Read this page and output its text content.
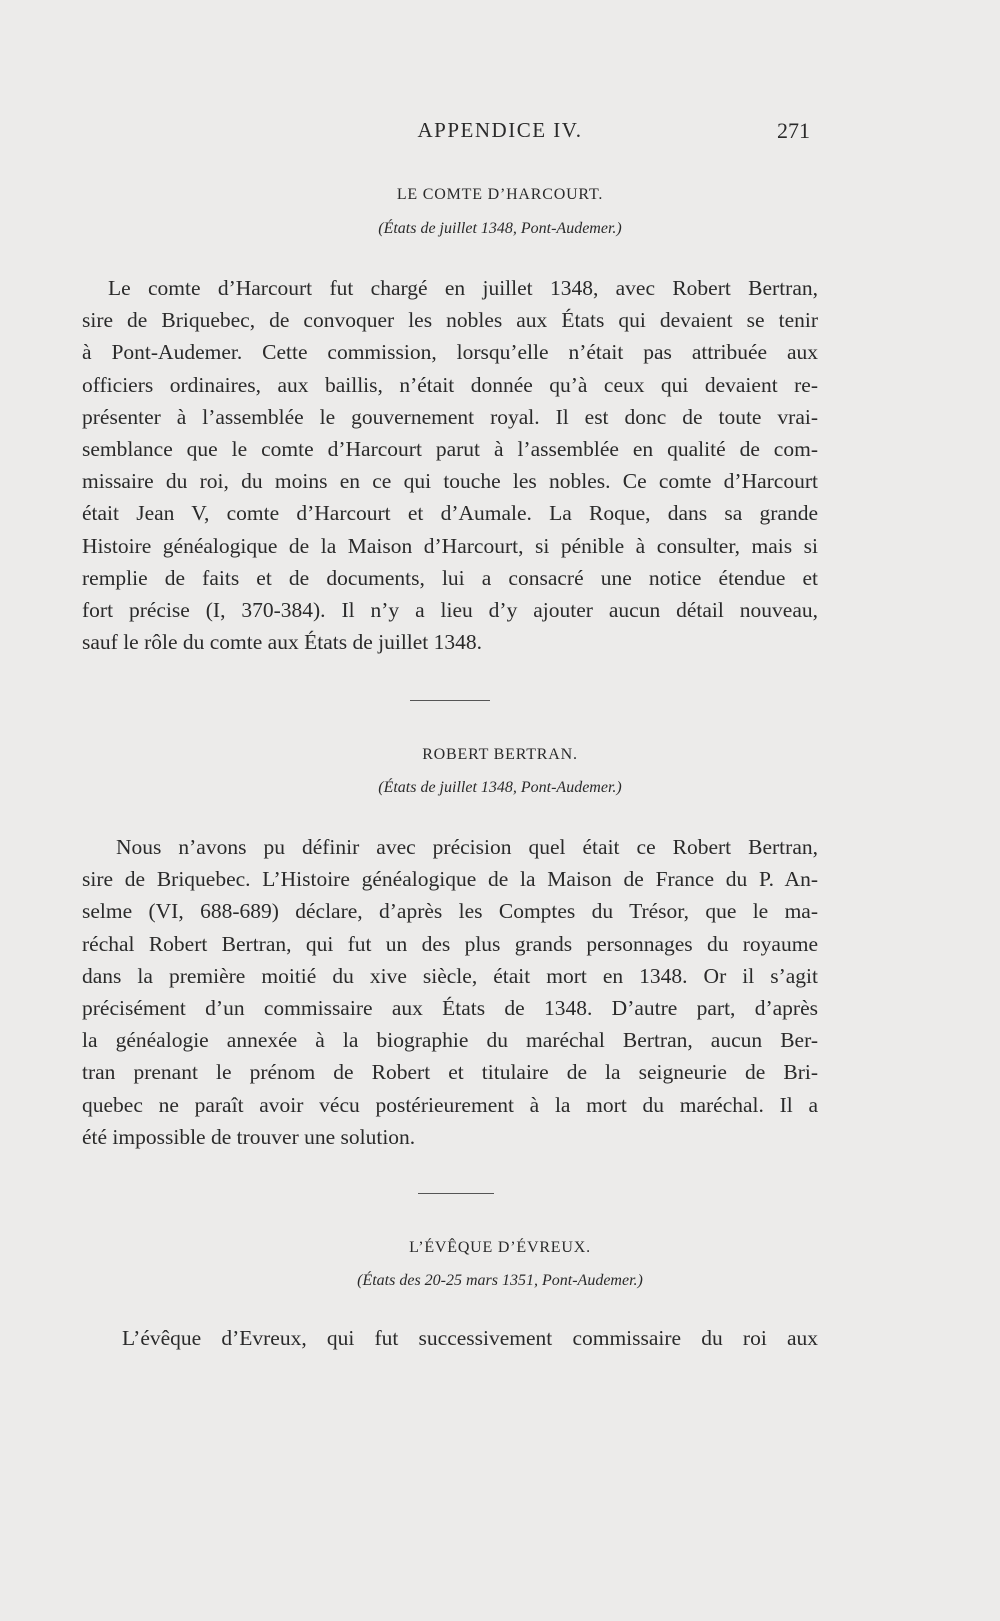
APPENDICE IV.	271
LE COMTE D’HARCOURT.
(États de juillet 1348, Pont-Audemer.)
Le comte d’Harcourt fut chargé en juillet 1348, avec Robert Bertran,
sire de Briquebec, de convoquer les nobles aux États qui devaient se tenir
à Pont-Audemer. Cette commission, lorsqu’elle n’était pas attribuée aux
officiers ordinaires, aux baillis, n’était donnée qu’à ceux qui devaient re-
présenter à l’assemblée le gouvernement royal. Il est donc de toute vrai-
semblance que le comte d’Harcourt parut à l’assemblée en qualité de com-
missaire du roi, du moins en ce qui touche les nobles. Ce comte d’Harcourt
était Jean V, comte d’Harcourt et d’Aumale. La Roque, dans sa grande
Histoire généalogique de la Maison d’Harcourt, si pénible à consulter, mais si
remplie de faits et de documents, lui a consacré une notice étendue et
fort précise (I, 370-384). Il n’y a lieu d’y ajouter aucun détail nouveau,
sauf le rôle du comte aux États de juillet 1348.
ROBERT BERTRAN.
(États de juillet 1348, Pont-Audemer.)
Nous n’avons pu définir avec précision quel était ce Robert Bertran,
sire de Briquebec. L’Histoire généalogique de la Maison de France du P. An-
selme (VI, 688-689) déclare, d’après les Comptes du Trésor, que le ma-
réchal Robert Bertran, qui fut un des plus grands personnages du royaume
dans la première moitié du xive siècle, était mort en 1348. Or il s’agit
précisément d’un commissaire aux États de 1348. D’autre part, d’après
la généalogie annexée à la biographie du maréchal Bertran, aucun Ber-
tran prenant le prénom de Robert et titulaire de la seigneurie de Bri-
quebec ne paraît avoir vécu postérieurement à la mort du maréchal. Il a
été impossible de trouver une solution.
L’ÉVÊQUE D’ÉVREUX.
(États des 20-25 mars 1351, Pont-Audemer.)
L’évêque d’Evreux, qui fut successivement commissaire du roi aux
